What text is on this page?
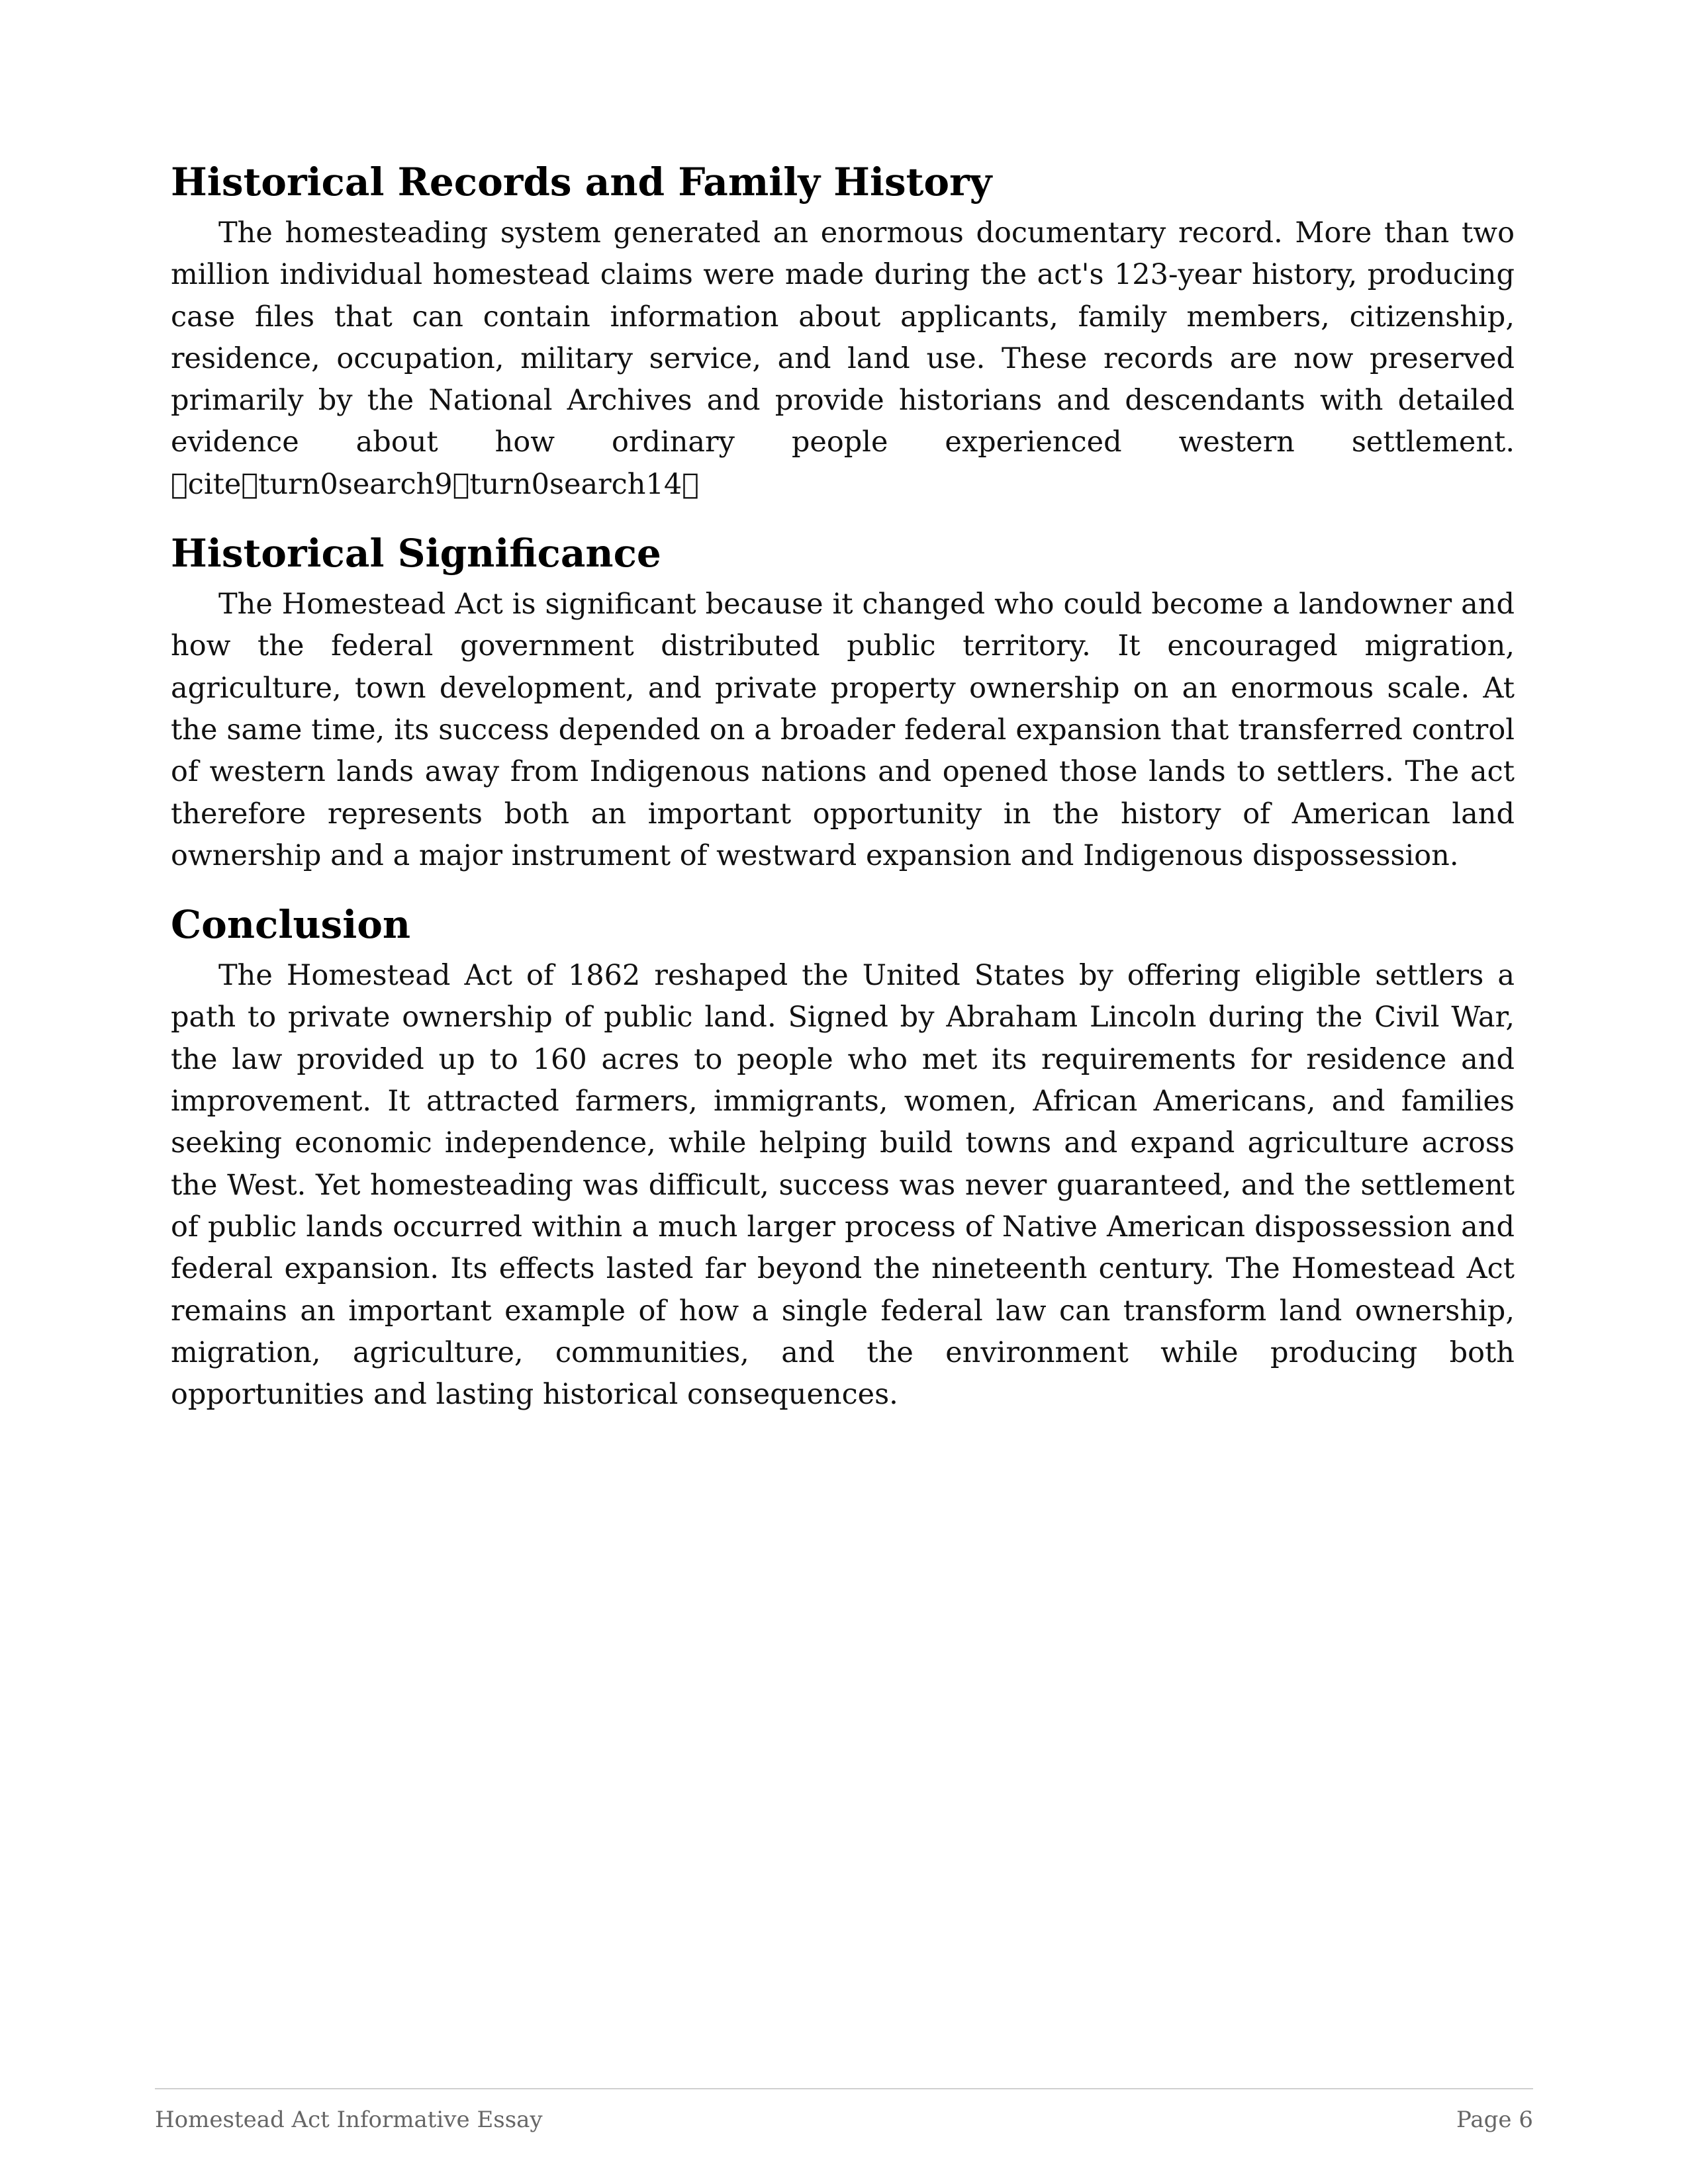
Historical Records and Family History

The homesteading system generated an enormous documentary record. More than two million individual homestead claims were made during the act's 123-year history, producing case files that can contain information about applicants, family members, citizenship, residence, occupation, military service, and land use. These records are now preserved primarily by the National Archives and provide historians and descendants with detailed evidence about how ordinary people experienced western settlement. cite turn0search9 turn0search14

Historical Significance

The Homestead Act is significant because it changed who could become a landowner and how the federal government distributed public territory. It encouraged migration, agriculture, town development, and private property ownership on an enormous scale. At the same time, its success depended on a broader federal expansion that transferred control of western lands away from Indigenous nations and opened those lands to settlers. The act therefore represents both an important opportunity in the history of American land ownership and a major instrument of westward expansion and Indigenous dispossession.

Conclusion

The Homestead Act of 1862 reshaped the United States by offering eligible settlers a path to private ownership of public land. Signed by Abraham Lincoln during the Civil War, the law provided up to 160 acres to people who met its requirements for residence and improvement. It attracted farmers, immigrants, women, African Americans, and families seeking economic independence, while helping build towns and expand agriculture across the West. Yet homesteading was difficult, success was never guaranteed, and the settlement of public lands occurred within a much larger process of Native American dispossession and federal expansion. Its effects lasted far beyond the nineteenth century. The Homestead Act remains an important example of how a single federal law can transform land ownership, migration, agriculture, communities, and the environment while producing both opportunities and lasting historical consequences.

Homestead Act Informative Essay	Page 6
